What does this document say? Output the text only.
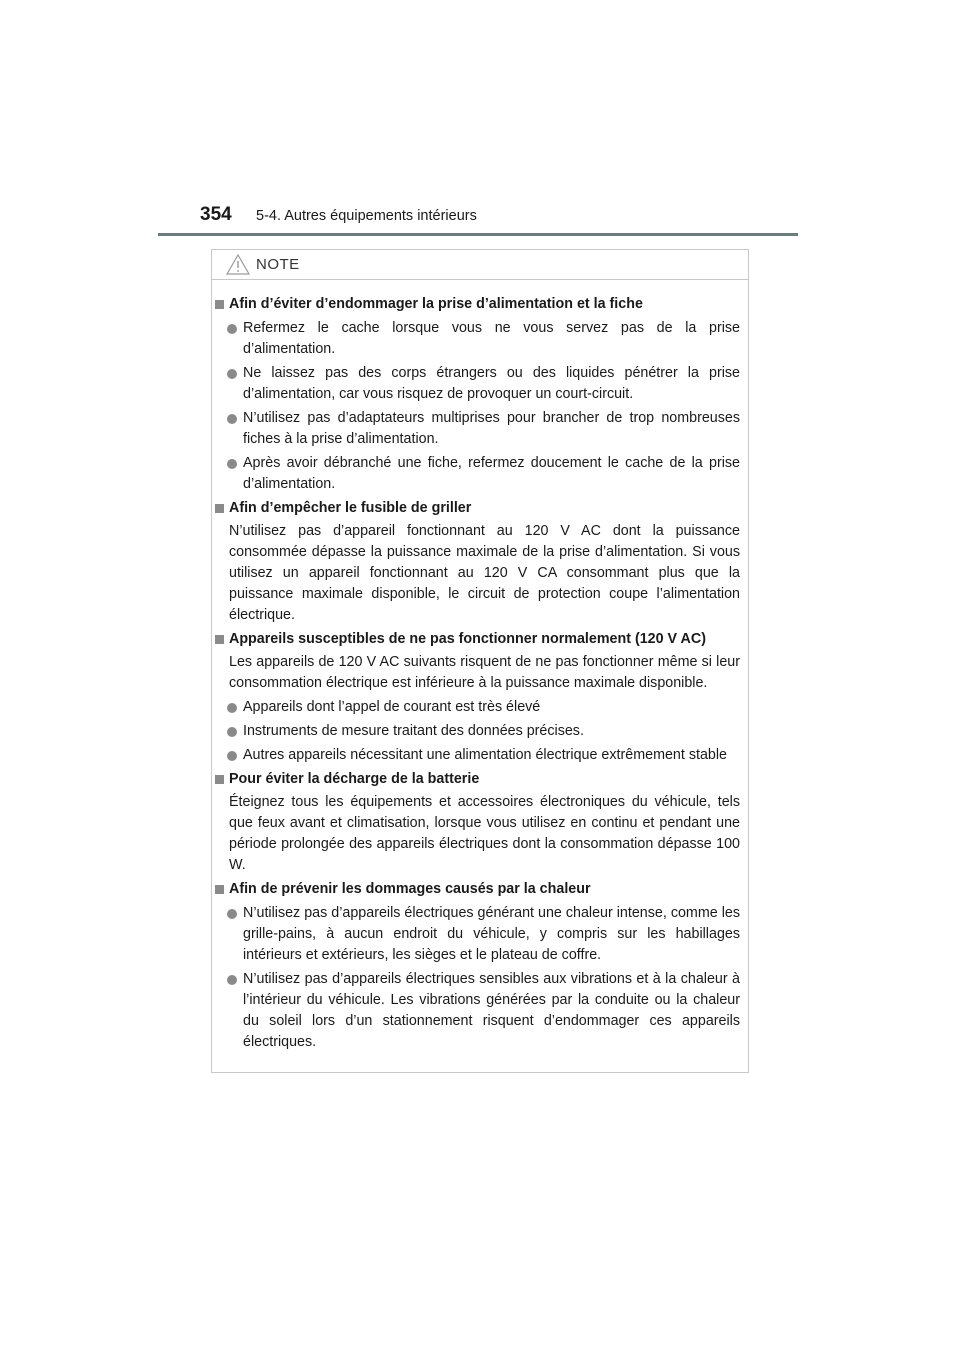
354 5-4. Autres équipements intérieurs
NOTE
Afin d’éviter d’endommager la prise d’alimentation et la fiche
Refermez le cache lorsque vous ne vous servez pas de la prise d’alimentation.
Ne laissez pas des corps étrangers ou des liquides pénétrer la prise d’alimentation, car vous risquez de provoquer un court-circuit.
N’utilisez pas d’adaptateurs multiprises pour brancher de trop nombreuses fiches à la prise d’alimentation.
Après avoir débranché une fiche, refermez doucement le cache de la prise d’alimentation.
Afin d’empêcher le fusible de griller
N’utilisez pas d’appareil fonctionnant au 120 V AC dont la puissance consommée dépasse la puissance maximale de la prise d’alimentation. Si vous utilisez un appareil fonctionnant au 120 V CA consommant plus que la puissance maximale disponible, le circuit de protection coupe l’alimentation électrique.
Appareils susceptibles de ne pas fonctionner normalement (120 V AC)
Les appareils de 120 V AC suivants risquent de ne pas fonctionner même si leur consommation électrique est inférieure à la puissance maximale disponible.
Appareils dont l’appel de courant est très élevé
Instruments de mesure traitant des données précises.
Autres appareils nécessitant une alimentation électrique extrêmement stable
Pour éviter la décharge de la batterie
Éteignez tous les équipements et accessoires électroniques du véhicule, tels que feux avant et climatisation, lorsque vous utilisez en continu et pendant une période prolongée des appareils électriques dont la consommation dépasse 100 W.
Afin de prévenir les dommages causés par la chaleur
N’utilisez pas d’appareils électriques générant une chaleur intense, comme les grille-pains, à aucun endroit du véhicule, y compris sur les habillages intérieurs et extérieurs, les sièges et le plateau de coffre.
N’utilisez pas d’appareils électriques sensibles aux vibrations et à la chaleur à l’intérieur du véhicule. Les vibrations générées par la conduite ou la chaleur du soleil lors d’un stationnement risquent d’endommager ces appareils électriques.
